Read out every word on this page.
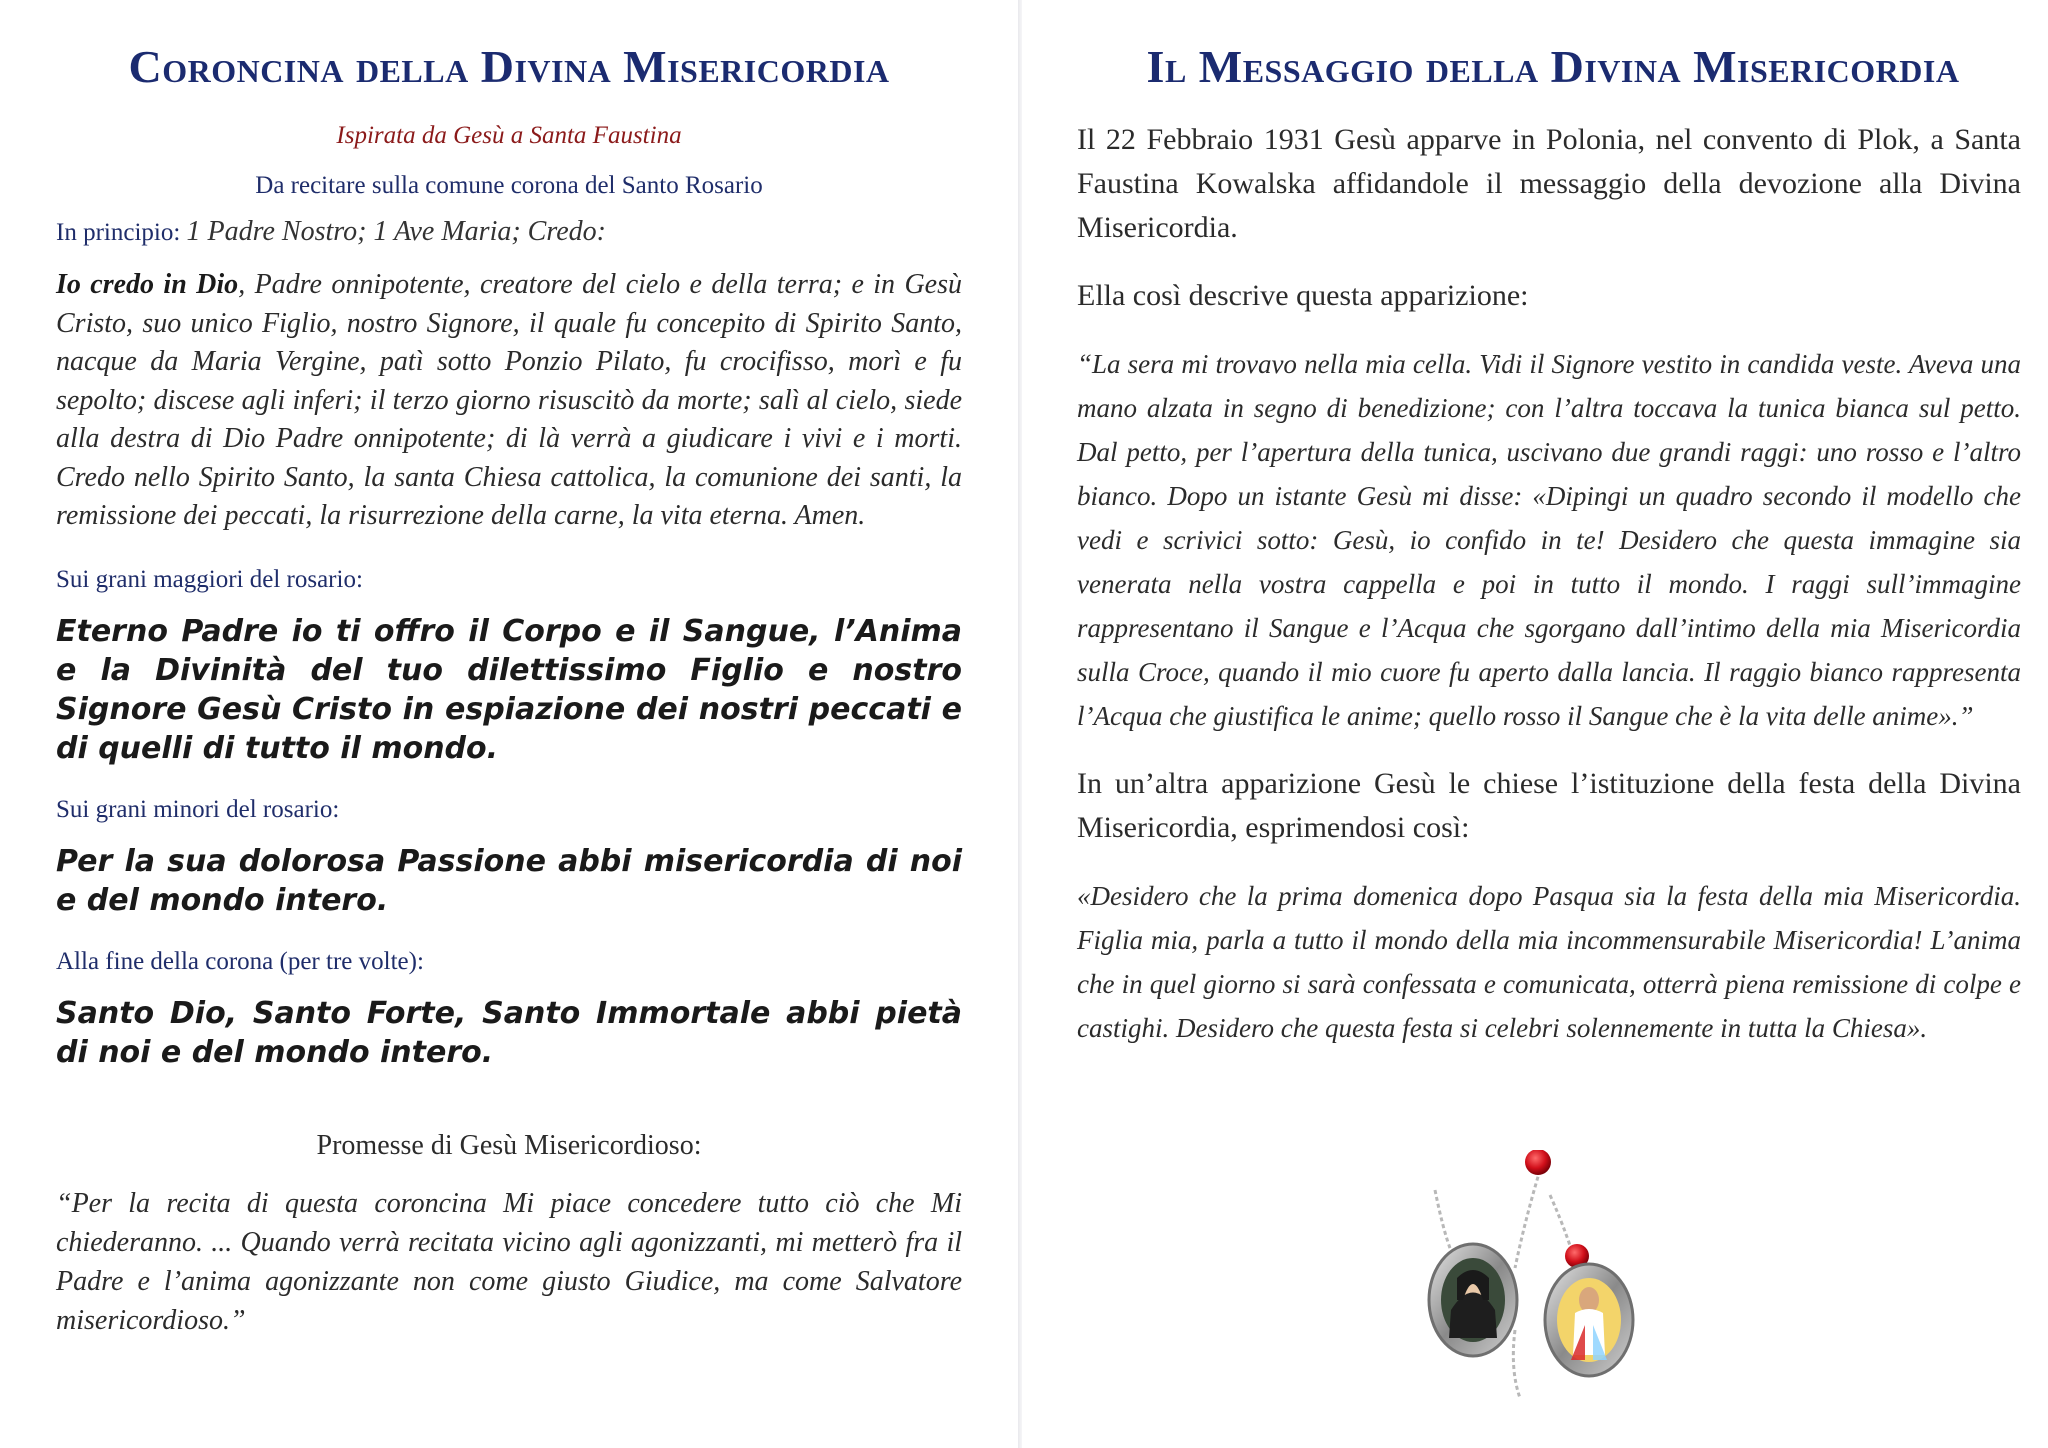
Coroncina della Divina Misericordia

Ispirata da Gesù a Santa Faustina

Da recitare sulla comune corona del Santo Rosario

In principio: 1 Padre Nostro; 1 Ave Maria; Credo:

Io credo in Dio, Padre onnipotente, creatore del cielo e della terra; e in Gesù Cristo, suo unico Figlio, nostro Signore, il quale fu concepito di Spirito Santo, nacque da Maria Vergine, patì sotto Ponzio Pilato, fu crocifisso, morì e fu sepolto; discese agli inferi; il terzo giorno risuscitò da morte; salì al cielo, siede alla destra di Dio Padre onnipotente; di là verrà a giudicare i vivi e i morti. Credo nello Spirito Santo, la santa Chiesa cattolica, la comunione dei santi, la remissione dei peccati, la risurrezione della carne, la vita eterna. Amen.

Sui grani maggiori del rosario:

Eterno Padre io ti offro il Corpo e il Sangue, l’Anima e la Divinità del tuo dilettissimo Figlio e nostro Signore Gesù Cristo in espiazione dei nostri peccati e di quelli di tutto il mondo.

Sui grani minori del rosario:

Per la sua dolorosa Passione abbi misericordia di noi e del mondo intero.

Alla fine della corona (per tre volte):

Santo Dio, Santo Forte, Santo Immortale abbi pietà di noi e del mondo intero.

Promesse di Gesù Misericordioso:

“Per la recita di questa coroncina Mi piace concedere tutto ciò che Mi chiederanno. ... Quando verrà recitata vicino agli agonizzanti, mi metterò fra il Padre e l’anima agonizzante non come giusto Giudice, ma come Salvatore misericordioso.”

Il Messaggio della Divina Misericordia

Il 22 Febbraio 1931 Gesù apparve in Polonia, nel convento di Plok, a Santa Faustina Kowalska affidandole il messaggio della devozione alla Divina Misericordia.

Ella così descrive questa apparizione:

“La sera mi trovavo nella mia cella. Vidi il Signore vestito in candida veste. Aveva una mano alzata in segno di benedizione; con l’altra toccava la tunica bianca sul petto. Dal petto, per l’apertura della tunica, uscivano due grandi raggi: uno rosso e l’altro bianco. Dopo un istante Gesù mi disse: «Dipingi un quadro secondo il modello che vedi e scrivici sotto: Gesù, io confido in te! Desidero che questa immagine sia venerata nella vostra cappella e poi in tutto il mondo. I raggi sull’immagine rappresentano il Sangue e l’Acqua che sgorgano dall’intimo della mia Misericordia sulla Croce, quando il mio cuore fu aperto dalla lancia. Il raggio bianco rappresenta l’Acqua che giustifica le anime; quello rosso il Sangue che è la vita delle anime».”

In un’altra apparizione Gesù le chiese l’istituzione della festa della Divina Misericordia, esprimendosi così:

«Desidero che la prima domenica dopo Pasqua sia la festa della mia Misericordia. Figlia mia, parla a tutto il mondo della mia incommensurabile Misericordia! L’anima che in quel giorno si sarà confessata e comunicata, otterrà piena remissione di colpe e castighi. Desidero che questa festa si celebri solennemente in tutta la Chiesa».
